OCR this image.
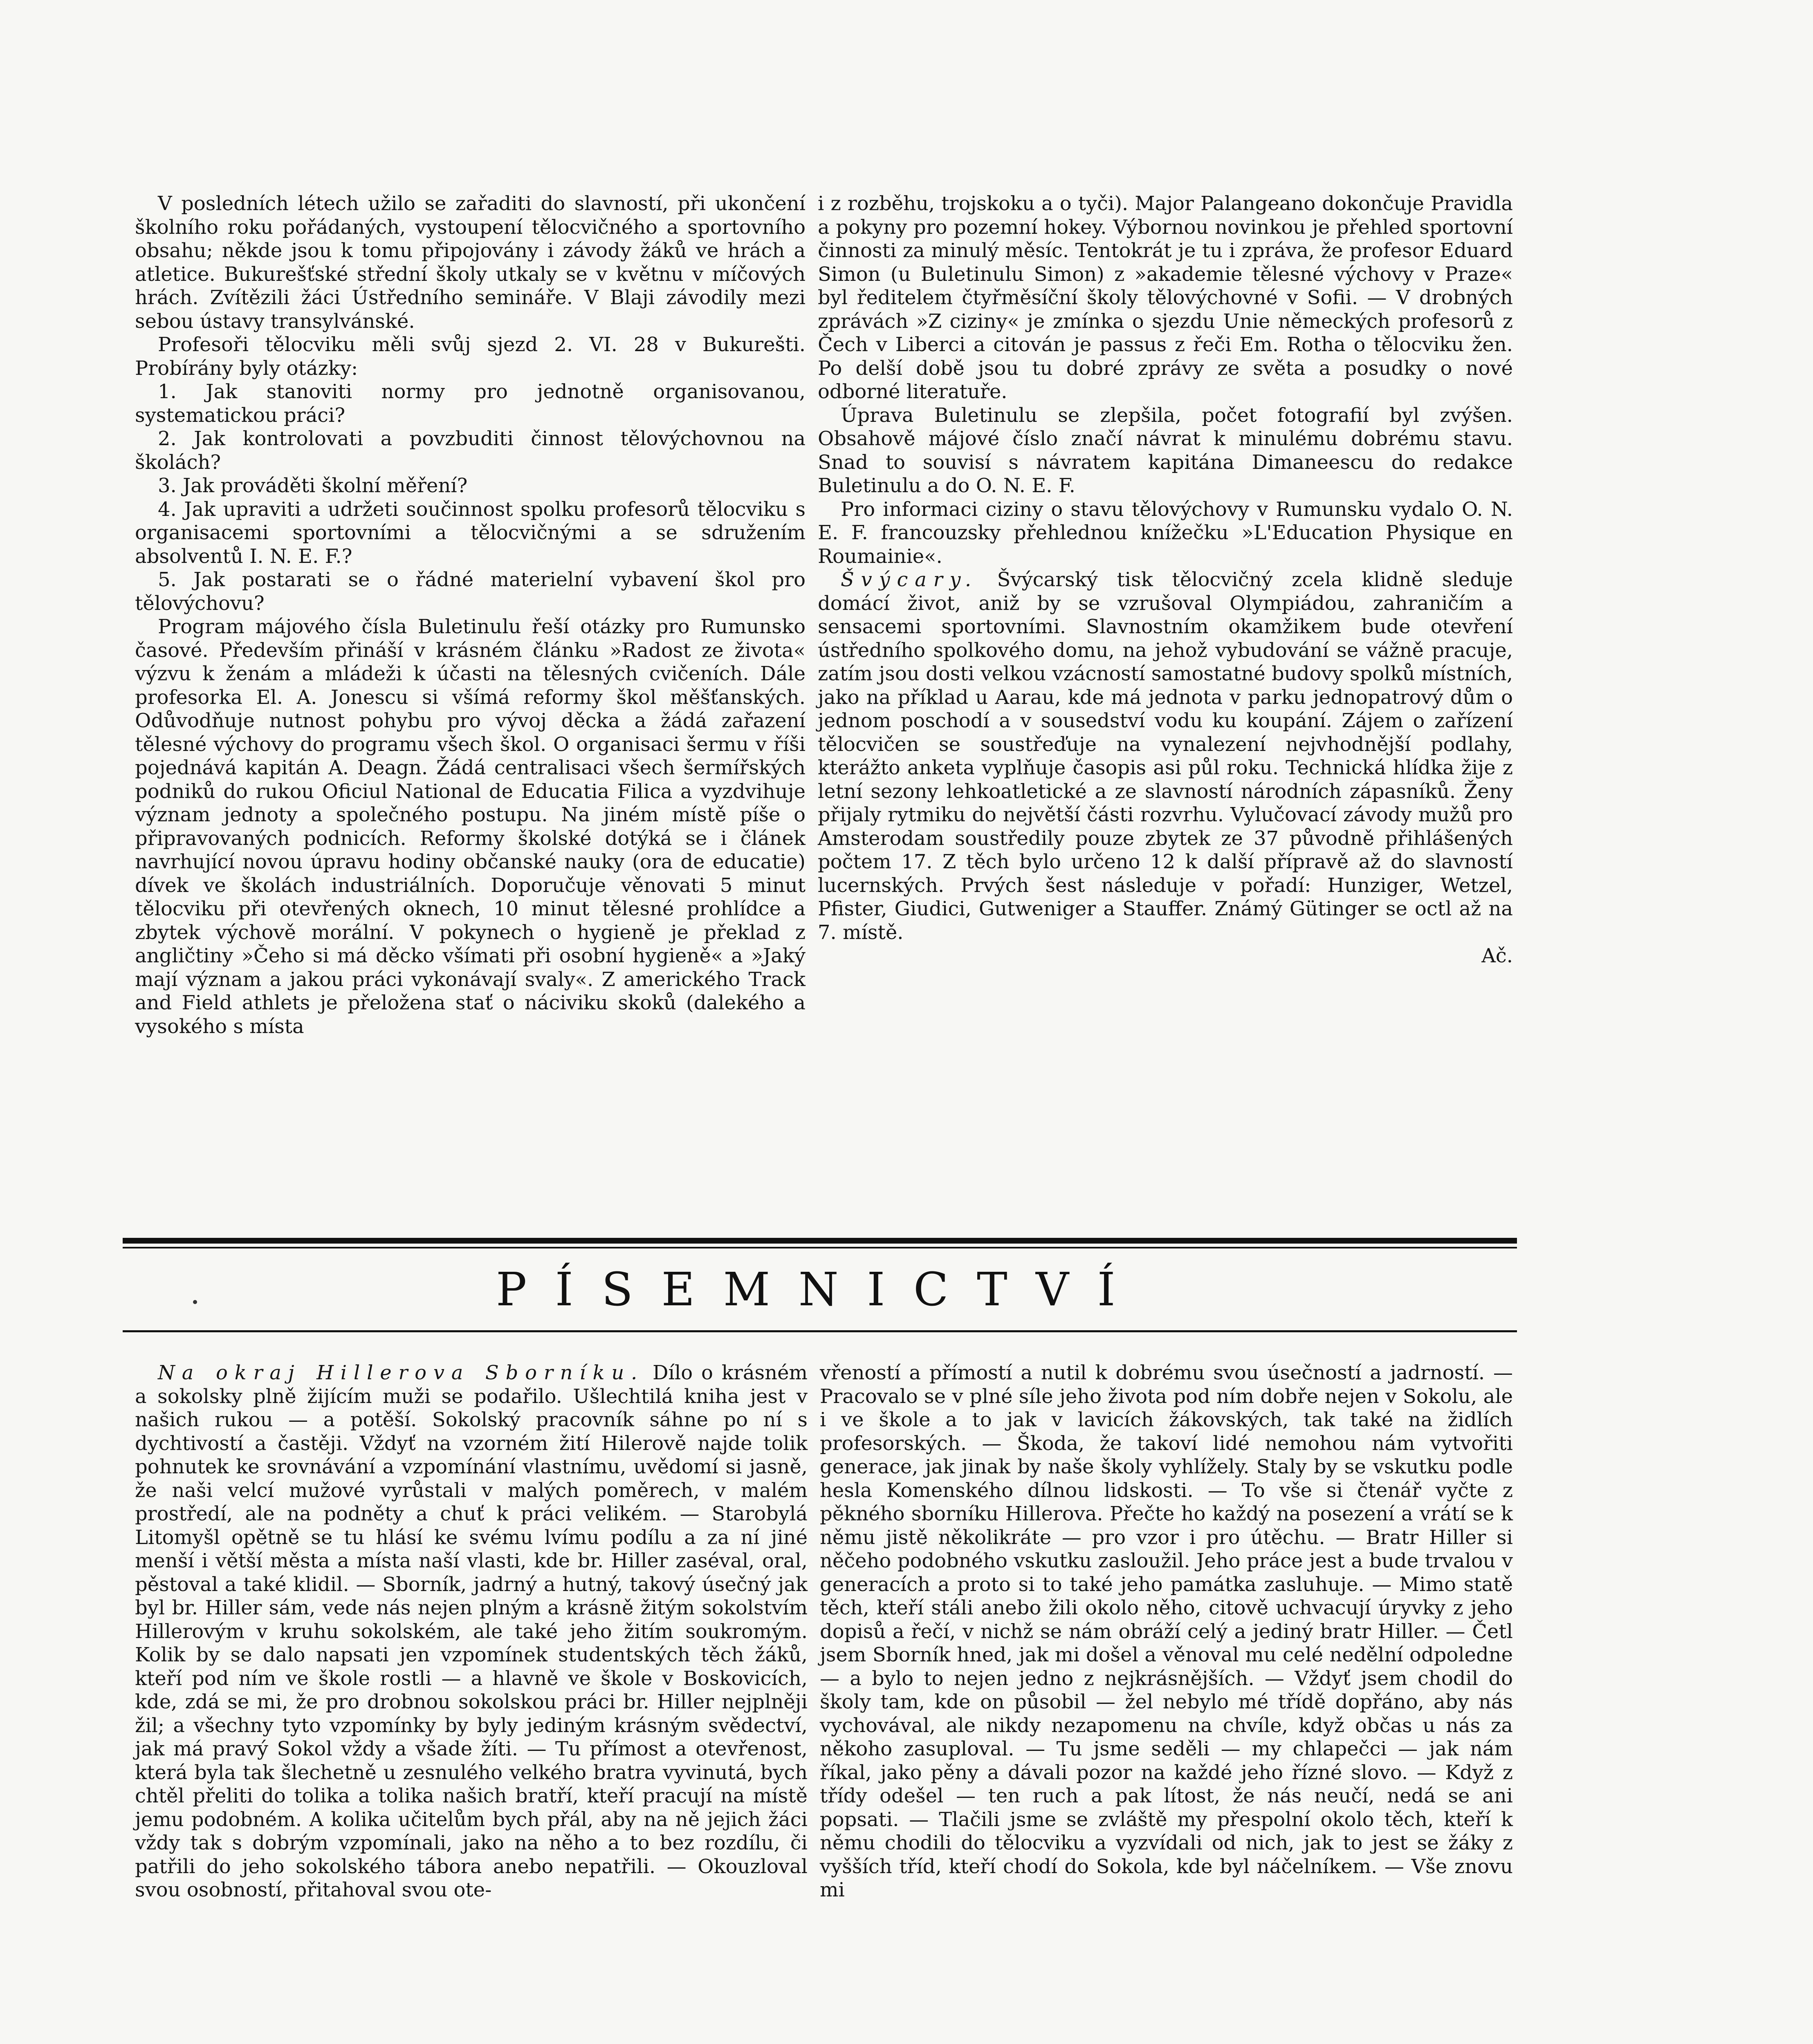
V posledních létech užilo se zařaditi do slavností, při ukončení školního roku pořádaných, vystoupení tělocvičného a sportovního obsahu; někde jsou k tomu připojovány i závody žáků ve hrách a atletice. Bukurešťské střední školy utkaly se v květnu v míčových hrách. Zvítězili žáci Ústředního semináře. V Blaji závodily mezi sebou ústavy transylvánské.

Profesoři tělocviku měli svůj sjezd 2. VI. 28 v Bukurešti. Probírány byly otázky:

1. Jak stanoviti normy pro jednotně organisovanou, systematickou práci?

2. Jak kontrolovati a povzbuditi činnost tělovýchovnou na školách?

3. Jak prováděti školní měření?

4. Jak upraviti a udržeti součinnost spolku profesorů tělocviku s organisacemi sportovními a tělocvičnými a se sdružením absolventů I. N. E. F.?

5. Jak postarati se o řádné materielní vybavení škol pro tělovýchovu?

Program májového čísla Buletinulu řeší otázky pro Rumunsko časové. Především přináší v krásném článku »Radost ze života« výzvu k ženám a mládeži k účasti na tělesných cvičeních. Dále profesorka El. A. Jonescu si všímá reformy škol měšťanských. Odůvodňuje nutnost pohybu pro vývoj děcka a žádá zařazení tělesné výchovy do programu všech škol. O organisaci šermu v říši pojednává kapitán A. Deagn. Žádá centralisaci všech šermířských podniků do rukou Oficiul National de Educatia Filica a vyzdvihuje význam jednoty a společného postupu. Na jiném místě píše o připravovaných podnicích. Reformy školské dotýká se i článek navrhující novou úpravu hodiny občanské nauky (ora de educatie) dívek ve školách industriálních. Doporučuje věnovati 5 minut tělocviku při otevřených oknech, 10 minut tělesné prohlídce a zbytek výchově morální. V pokynech o hygieně je překlad z angličtiny »Čeho si má děcko všímati při osobní hygieně« a »Jaký mají význam a jakou práci vykonávají svaly«. Z amerického Track and Field athlets je přeložena stať o náciviku skoků (dalekého a vysokého s místa

i z rozběhu, trojskoku a o tyči). Major Palangeano dokončuje Pravidla a pokyny pro pozemní hokey. Výbornou novinkou je přehled sportovní činnosti za minulý měsíc. Tentokrát je tu i zpráva, že profesor Eduard Simon (u Buletinulu Simon) z »akademie tělesné výchovy v Praze« byl ředitelem čtyřměsíční školy tělovýchovné v Sofii. — V drobných zprávách »Z ciziny« je zmínka o sjezdu Unie německých profesorů z Čech v Liberci a citován je passus z řeči Em. Rotha o tělocviku žen. Po delší době jsou tu dobré zprávy ze světa a posudky o nové odborné literatuře.

Úprava Buletinulu se zlepšila, počet fotografií byl zvýšen. Obsahově májové číslo značí návrat k minulému dobrému stavu. Snad to souvisí s návratem kapitána Dimaneescu do redakce Buletinulu a do O. N. E. F.

Pro informaci ciziny o stavu tělovýchovy v Rumunsku vydalo O. N. E. F. francouzsky přehlednou knížečku »L'Education Physique en Roumainie«.

Švýcary. Švýcarský tisk tělocvičný zcela klidně sleduje domácí život, aniž by se vzrušoval Olympiádou, zahraničím a sensacemi sportovními. Slavnostním okamžikem bude otevření ústředního spolkového domu, na jehož vybudování se vážně pracuje, zatím jsou dosti velkou vzácností samostatné budovy spolků místních, jako na příklad u Aarau, kde má jednota v parku jednopatrový dům o jednom poschodí a v sousedství vodu ku koupání. Zájem o zařízení tělocvičen se soustřeďuje na vynalezení nejvhodnější podlahy, kterážto anketa vyplňuje časopis asi půl roku. Technická hlídka žije z letní sezony lehkoatletické a ze slavností národních zápasníků. Ženy přijaly rytmiku do největší části rozvrhu. Vylučovací závody mužů pro Amsterodam soustředily pouze zbytek ze 37 původně přihlášených počtem 17. Z těch bylo určeno 12 k další přípravě až do slavností lucernských. Prvých šest následuje v pořadí: Hunziger, Wetzel, Pfister, Giudici, Gutweniger a Stauffer. Známý Gütinger se octl až na 7. místě.

Ač.

PÍSEMNICTVÍ

Na okraj Hillerova Sborníku. Dílo o krásném a sokolsky plně žijícím muži se podařilo. Ušlechtilá kniha jest v našich rukou — a potěší. Sokolský pracovník sáhne po ní s dychtivostí a častěji. Vždyť na vzorném žití Hilerově najde tolik pohnutek ke srovnávání a vzpomínání vlastnímu, uvědomí si jasně, že naši velcí mužové vyrůstali v malých poměrech, v malém prostředí, ale na podněty a chuť k práci velikém. — Starobylá Litomyšl opětně se tu hlásí ke svému lvímu podílu a za ní jiné menší i větší města a místa naší vlasti, kde br. Hiller zaséval, oral, pěstoval a také klidil. — Sborník, jadrný a hutný, takový úsečný jak byl br. Hiller sám, vede nás nejen plným a krásně žitým sokolstvím Hillerovým v kruhu sokolském, ale také jeho žitím soukromým. Kolik by se dalo napsati jen vzpomínek studentských těch žáků, kteří pod ním ve škole rostli — a hlavně ve škole v Boskovicích, kde, zdá se mi, že pro drobnou sokolskou práci br. Hiller nejplněji žil; a všechny tyto vzpomínky by byly jediným krásným svědectví, jak má pravý Sokol vždy a všade žíti. — Tu přímost a otevřenost, která byla tak šlechetně u zesnulého velkého bratra vyvinutá, bych chtěl přeliti do tolika a tolika našich bratří, kteří pracují na místě jemu podobném. A kolika učitelům bych přál, aby na ně jejich žáci vždy tak s dobrým vzpomínali, jako na něho a to bez rozdílu, či patřili do jeho sokolského tábora anebo nepatřili. — Okouzloval svou osobností, přitahoval svou ote-

vřeností a přímostí a nutil k dobrému svou úsečností a jadrností. — Pracovalo se v plné síle jeho života pod ním dobře nejen v Sokolu, ale i ve škole a to jak v lavicích žákovských, tak také na židlích profesorských. — Škoda, že takoví lidé nemohou nám vytvořiti generace, jak jinak by naše školy vyhlížely. Staly by se vskutku podle hesla Komenského dílnou lidskosti. — To vše si čtenář vyčte z pěkného sborníku Hillerova. Přečte ho každý na posezení a vrátí se k němu jistě několikráte — pro vzor i pro útěchu. — Bratr Hiller si něčeho podobného vskutku zasloužil. Jeho práce jest a bude trvalou v generacích a proto si to také jeho památka zasluhuje. — Mimo statě těch, kteří stáli anebo žili okolo něho, citově uchvacují úryvky z jeho dopisů a řečí, v nichž se nám obráží celý a jediný bratr Hiller. — Četl jsem Sborník hned, jak mi došel a věnoval mu celé nedělní odpoledne — a bylo to nejen jedno z nejkrásnějších. — Vždyť jsem chodil do školy tam, kde on působil — žel nebylo mé třídě dopřáno, aby nás vychovával, ale nikdy nezapomenu na chvíle, když občas u nás za někoho zasuploval. — Tu jsme seděli — my chlapečci — jak nám říkal, jako pěny a dávali pozor na každé jeho řízné slovo. — Když z třídy odešel — ten ruch a pak lítost, že nás neučí, nedá se ani popsati. — Tlačili jsme se zvláště my přespolní okolo těch, kteří k němu chodili do tělocviku a vyzvídali od nich, jak to jest se žáky z vyšších tříd, kteří chodí do Sokola, kde byl náčelníkem. — Vše znovu mi
